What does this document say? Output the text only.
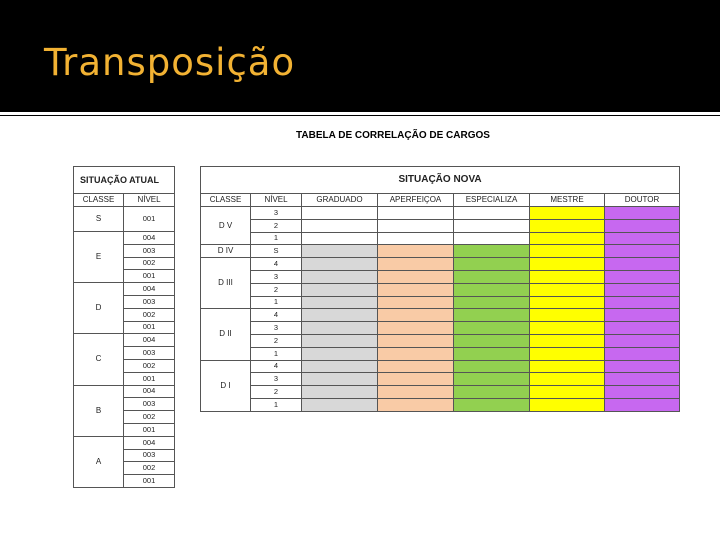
Transposição
TABELA DE CORRELAÇÃO DE CARGOS
SITUAÇÃO ATUAL	
CLASSE	NÍVEL
S	001
E	004
	003
	002
	001
D	004
	003
	002
	001
C	004
	003
	002
	001
B	004
	003
	002
	001
A	004
	003
	002
	001
SITUAÇÃO NOVA						
CLASSE	NÍVEL	GRADUADO	APERFEIÇOA	ESPECIALIZA	MESTRE	DOUTOR
D V	3					
	2					
	1					
D IV	S					
D III	4					
	3					
	2					
	1					
D II	4					
	3					
	2					
	1					
D I	4					
	3					
	2					
	1					
